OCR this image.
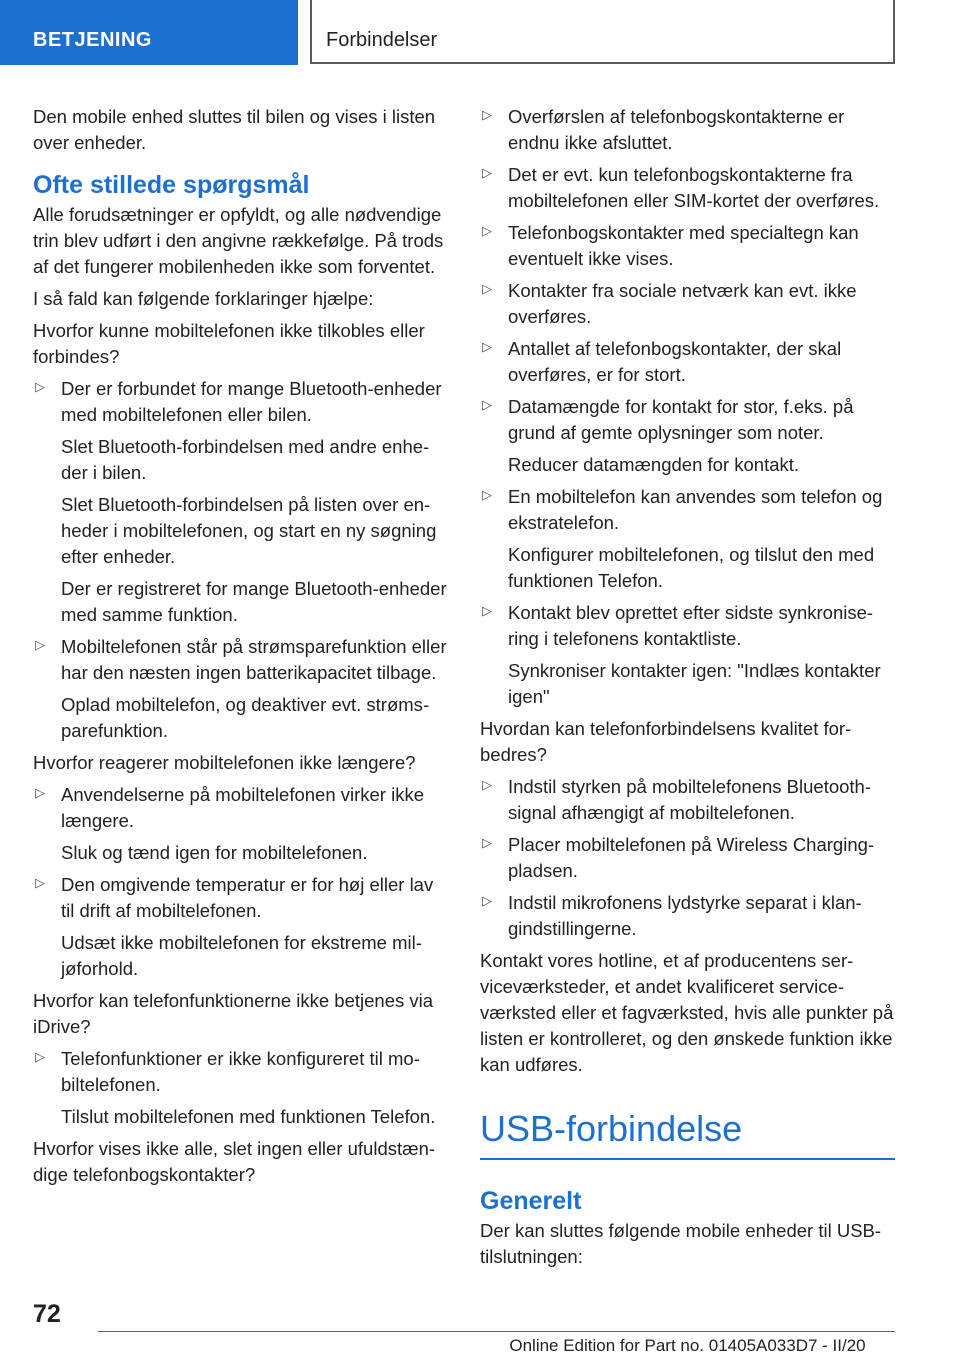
BETJENING	Forbindelser

Den mobile enhed sluttes til bilen og vises i listen over enheder.

Ofte stillede spørgsmål

Alle forudsætninger er opfyldt, og alle nødvendige trin blev udført i den angivne rækkefølge. På trods af det fungerer mobilenheden ikke som forventet.

I så fald kan følgende forklaringer hjælpe:

Hvorfor kunne mobiltelefonen ikke tilkobles eller forbindes?

▷ Der er forbundet for mange Bluetooth-enheder med mobiltelefonen eller bilen.

Slet Bluetooth-forbindelsen med andre enheder i bilen.

Slet Bluetooth-forbindelsen på listen over enheder i mobiltelefonen, og start en ny søgning efter enheder.

Der er registreret for mange Bluetooth-enheder med samme funktion.

▷ Mobiltelefonen står på strømsparefunktion eller har den næsten ingen batterikapacitet tilbage.

Oplad mobiltelefon, og deaktiver evt. strømsparefunktion.

Hvorfor reagerer mobiltelefonen ikke længere?

▷ Anvendelserne på mobiltelefonen virker ikke længere.

Sluk og tænd igen for mobiltelefonen.

▷ Den omgivende temperatur er for høj eller lav til drift af mobiltelefonen.

Udsæt ikke mobiltelefonen for ekstreme miljøforhold.

Hvorfor kan telefonfunktionerne ikke betjenes via iDrive?

▷ Telefonfunktioner er ikke konfigureret til mobiltelefonen.

Tilslut mobiltelefonen med funktionen Telefon.

Hvorfor vises ikke alle, slet ingen eller ufuldstændige telefonbogskontakter?

▷ Overførslen af telefonbogskontakterne er endnu ikke afsluttet.

▷ Det er evt. kun telefonbogskontakterne fra mobiltelefonen eller SIM-kortet der overføres.

▷ Telefonbogskontakter med specialtegn kan eventuelt ikke vises.

▷ Kontakter fra sociale netværk kan evt. ikke overføres.

▷ Antallet af telefonbogskontakter, der skal overføres, er for stort.

▷ Datamængde for kontakt for stor, f.eks. på grund af gemte oplysninger som noter.

Reducer datamængden for kontakt.

▷ En mobiltelefon kan anvendes som telefon og ekstratelefon.

Konfigurer mobiltelefonen, og tilslut den med funktionen Telefon.

▷ Kontakt blev oprettet efter sidste synkronisering i telefonens kontaktliste.

Synkroniser kontakter igen: "Indlæs kontakter igen"

Hvordan kan telefonforbindelsens kvalitet forbedres?

▷ Indstil styrken på mobiltelefonens Bluetooth-signal afhængigt af mobiltelefonen.

▷ Placer mobiltelefonen på Wireless Charging-pladsen.

▷ Indstil mikrofonens lydstyrke separat i klangindstillingerne.

Kontakt vores hotline, et af producentens serviceværksteder, et andet kvalificeret serviceværksted eller et fagværksted, hvis alle punkter på listen er kontrolleret, og den ønskede funktion ikke kan udføres.

USB-forbindelse
Generelt

Der kan sluttes følgende mobile enheder til USB-tilslutningen:

72
Online Edition for Part no. 01405A033D7 - II/20
